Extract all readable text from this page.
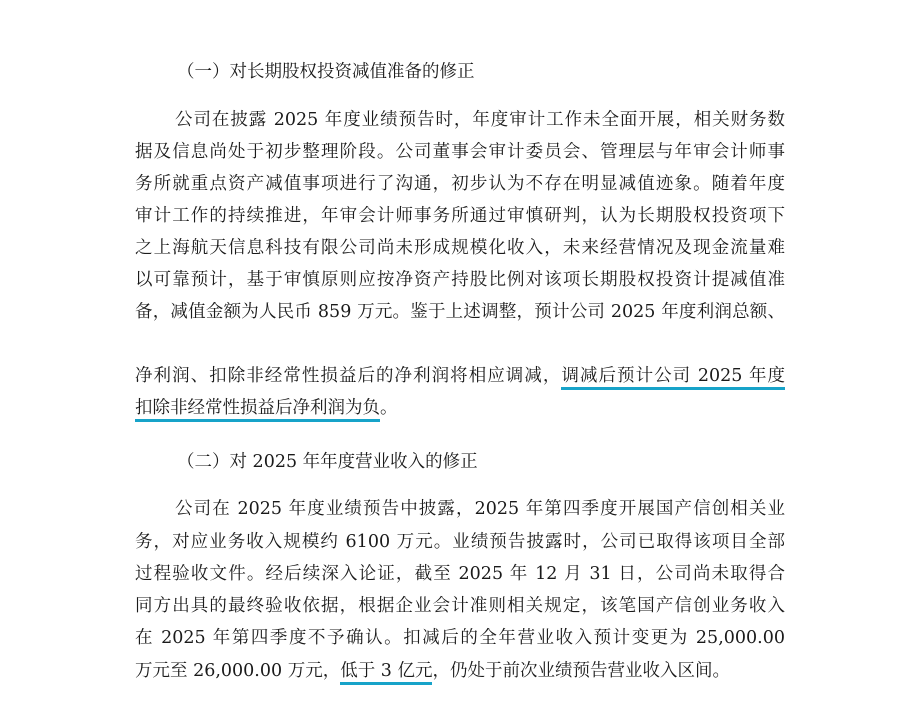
（一）对长期股权投资减值准备的修正
公司在披露 2025 年度业绩预告时，年度审计工作未全面开展，相关财务数
据及信息尚处于初步整理阶段。公司董事会审计委员会、管理层与年审会计师事
务所就重点资产减值事项进行了沟通，初步认为不存在明显减值迹象。随着年度
审计工作的持续推进，年审会计师事务所通过审慎研判，认为长期股权投资项下
之上海航天信息科技有限公司尚未形成规模化收入，未来经营情况及现金流量难
以可靠预计，基于审慎原则应按净资产持股比例对该项长期股权投资计提减值准
备，减值金额为人民币 859 万元。鉴于上述调整，预计公司 2025 年度利润总额、
净利润、扣除非经常性损益后的净利润将相应调减，调减后预计公司 2025 年度
扣除非经常性损益后净利润为负。
（二）对 2025 年年度营业收入的修正
公司在 2025 年度业绩预告中披露，2025 年第四季度开展国产信创相关业
务，对应业务收入规模约 6100 万元。业绩预告披露时，公司已取得该项目全部
过程验收文件。经后续深入论证，截至 2025 年 12 月 31 日，公司尚未取得合
同方出具的最终验收依据，根据企业会计准则相关规定，该笔国产信创业务收入
在 2025 年第四季度不予确认。扣减后的全年营业收入预计变更为 25,000.00
万元至 26,000.00 万元，低于 3 亿元，仍处于前次业绩预告营业收入区间。
